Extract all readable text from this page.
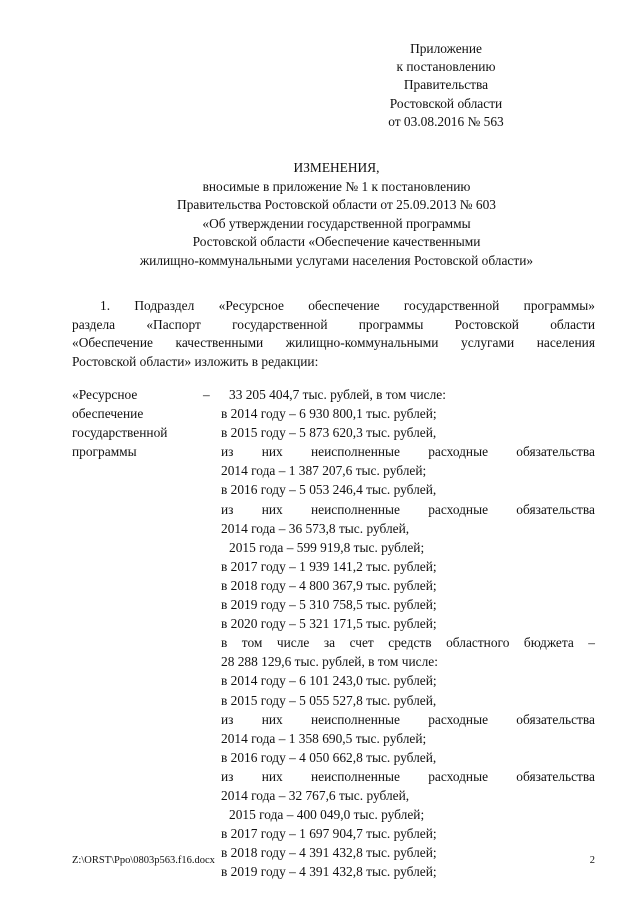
Приложение
к постановлению
Правительства
Ростовской области
от 03.08.2016 № 563
ИЗМЕНЕНИЯ,
вносимые в приложение № 1 к постановлению
Правительства Ростовской области от 25.09.2013 № 603
«Об утверждении государственной программы
Ростовской области «Обеспечение качественными
жилищно-коммунальными услугами населения Ростовской области»
1. Подраздел «Ресурсное обеспечение государственной программы»
раздела «Паспорт государственной программы Ростовской области
«Обеспечение качественными жилищно-коммунальными услугами населения
Ростовской области» изложить в редакции:
«Ресурсное
обеспечение
государственной
программы
–	33 205 404,7 тыс. рублей, в том числе:
в 2014 году – 6 930 800,1 тыс. рублей;
в 2015 году – 5 873 620,3 тыс. рублей,
из них неисполненные расходные обязательства
2014 года – 1 387 207,6 тыс. рублей;
в 2016 году – 5 053 246,4 тыс. рублей,
из них неисполненные расходные обязательства
2014 года – 36 573,8 тыс. рублей,
2015 года – 599 919,8 тыс. рублей;
в 2017 году – 1 939 141,2 тыс. рублей;
в 2018 году – 4 800 367,9 тыс. рублей;
в 2019 году – 5 310 758,5 тыс. рублей;
в 2020 году – 5 321 171,5 тыс. рублей;
в том числе за счет средств областного бюджета –
28 288 129,6 тыс. рублей, в том числе:
в 2014 году – 6 101 243,0 тыс. рублей;
в 2015 году – 5 055 527,8 тыс. рублей,
из них неисполненные расходные обязательства
2014 года – 1 358 690,5 тыс. рублей;
в 2016 году – 4 050 662,8 тыс. рублей,
из них неисполненные расходные обязательства
2014 года – 32 767,6 тыс. рублей,
2015 года – 400 049,0 тыс. рублей;
в 2017 году – 1 697 904,7 тыс. рублей;
в 2018 году – 4 391 432,8 тыс. рублей;
в 2019 году – 4 391 432,8 тыс. рублей;
Z:\ORST\Ppo\0803p563.f16.docx	2
